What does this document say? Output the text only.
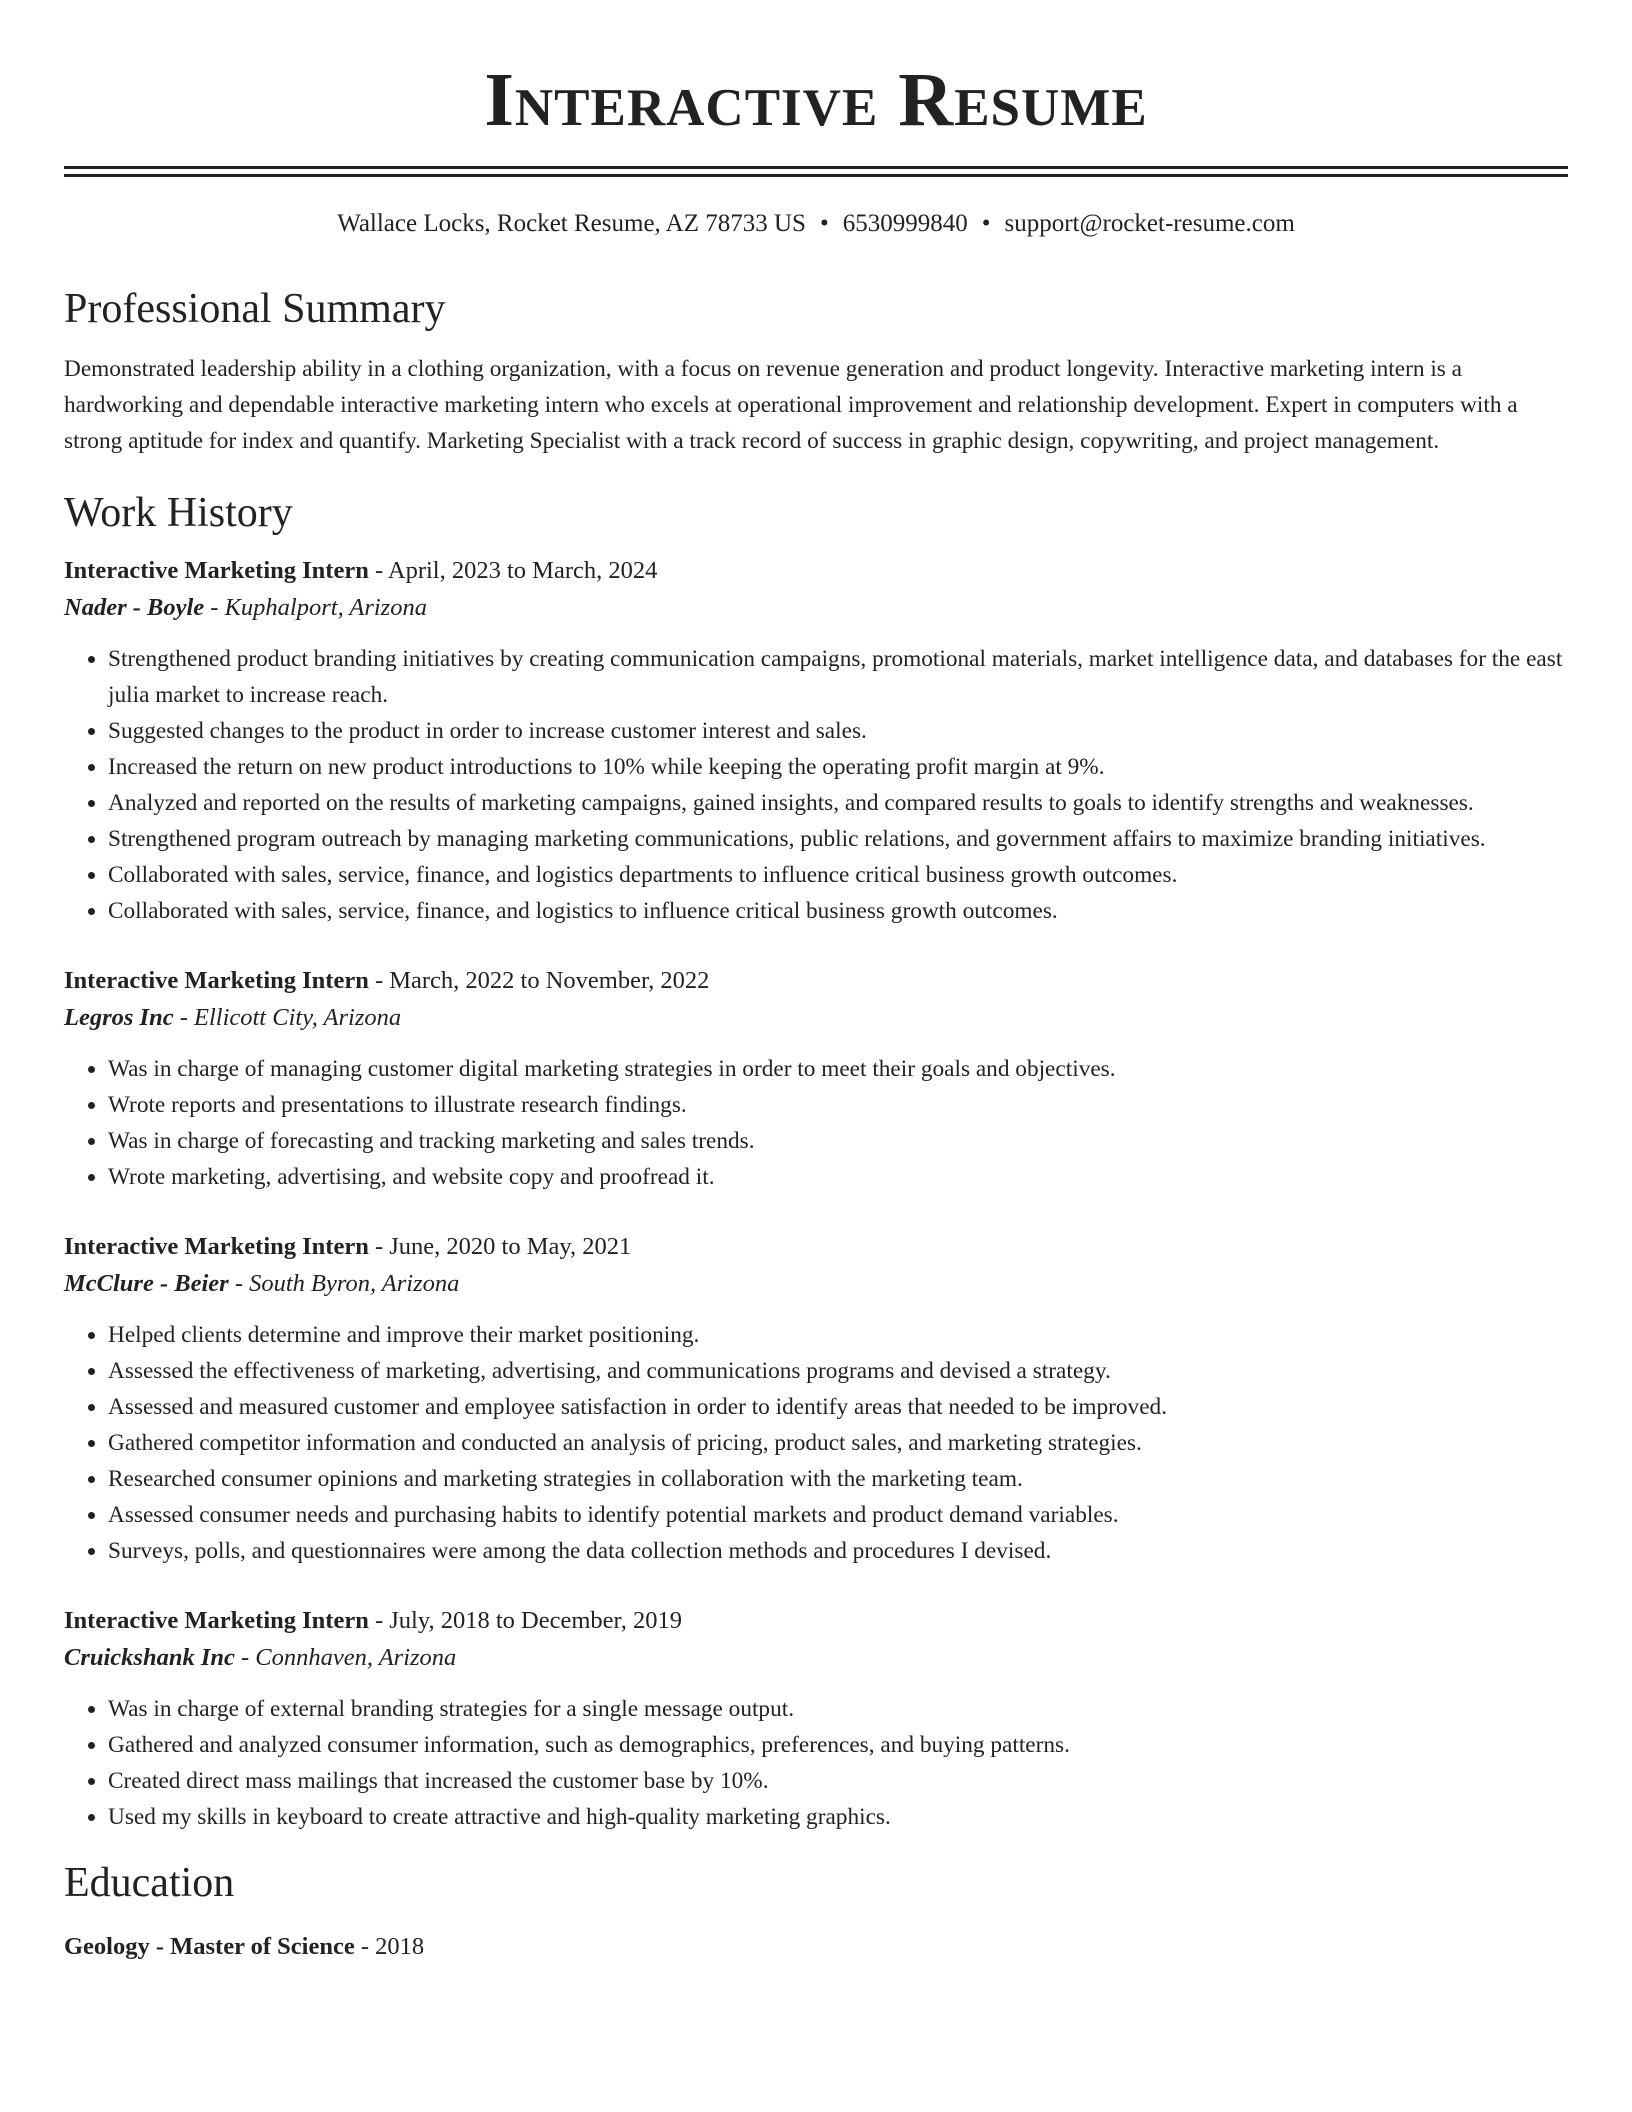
Interactive Resume
Wallace Locks, Rocket Resume, AZ 78733 US • 6530999840 • support@rocket-resume.com
Professional Summary
Demonstrated leadership ability in a clothing organization, with a focus on revenue generation and product longevity. Interactive marketing intern is a hardworking and dependable interactive marketing intern who excels at operational improvement and relationship development. Expert in computers with a strong aptitude for index and quantify. Marketing Specialist with a track record of success in graphic design, copywriting, and project management.
Work History
Interactive Marketing Intern - April, 2023 to March, 2024
Nader - Boyle - Kuphalport, Arizona
• Strengthened product branding initiatives by creating communication campaigns, promotional materials, market intelligence data, and databases for the east julia market to increase reach.
• Suggested changes to the product in order to increase customer interest and sales.
• Increased the return on new product introductions to 10% while keeping the operating profit margin at 9%.
• Analyzed and reported on the results of marketing campaigns, gained insights, and compared results to goals to identify strengths and weaknesses.
• Strengthened program outreach by managing marketing communications, public relations, and government affairs to maximize branding initiatives.
• Collaborated with sales, service, finance, and logistics departments to influence critical business growth outcomes.
• Collaborated with sales, service, finance, and logistics to influence critical business growth outcomes.
Interactive Marketing Intern - March, 2022 to November, 2022
Legros Inc - Ellicott City, Arizona
• Was in charge of managing customer digital marketing strategies in order to meet their goals and objectives.
• Wrote reports and presentations to illustrate research findings.
• Was in charge of forecasting and tracking marketing and sales trends.
• Wrote marketing, advertising, and website copy and proofread it.
Interactive Marketing Intern - June, 2020 to May, 2021
McClure - Beier - South Byron, Arizona
• Helped clients determine and improve their market positioning.
• Assessed the effectiveness of marketing, advertising, and communications programs and devised a strategy.
• Assessed and measured customer and employee satisfaction in order to identify areas that needed to be improved.
• Gathered competitor information and conducted an analysis of pricing, product sales, and marketing strategies.
• Researched consumer opinions and marketing strategies in collaboration with the marketing team.
• Assessed consumer needs and purchasing habits to identify potential markets and product demand variables.
• Surveys, polls, and questionnaires were among the data collection methods and procedures I devised.
Interactive Marketing Intern - July, 2018 to December, 2019
Cruickshank Inc - Connhaven, Arizona
• Was in charge of external branding strategies for a single message output.
• Gathered and analyzed consumer information, such as demographics, preferences, and buying patterns.
• Created direct mass mailings that increased the customer base by 10%.
• Used my skills in keyboard to create attractive and high-quality marketing graphics.
Education
Geology - Master of Science - 2018
